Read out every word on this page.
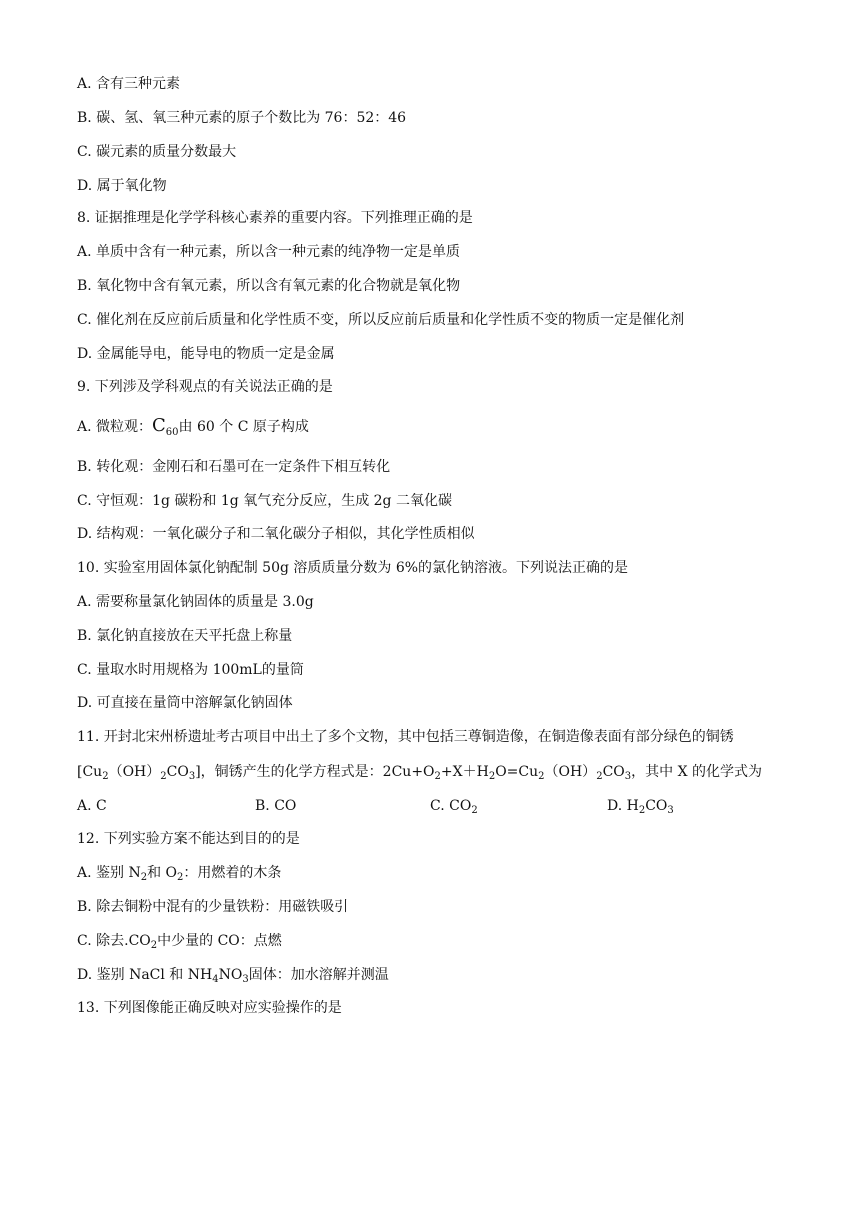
A. 含有三种元素
B. 碳、氢、氧三种元素的原子个数比为 76：52：46
C. 碳元素的质量分数最大
D. 属于氧化物
8. 证据推理是化学学科核心素养的重要内容。下列推理正确的是
A. 单质中含有一种元素，所以含一种元素的纯净物一定是单质
B. 氧化物中含有氧元素，所以含有氧元素的化合物就是氧化物
C. 催化剂在反应前后质量和化学性质不变，所以反应前后质量和化学性质不变的物质一定是催化剂
D. 金属能导电，能导电的物质一定是金属
9. 下列涉及学科观点的有关说法正确的是
A. 微粒观：$C_{60}$由 60 个 C 原子构成
B. 转化观：金刚石和石墨可在一定条件下相互转化
C. 守恒观：1g 碳粉和 1g 氧气充分反应，生成 2g 二氧化碳
D. 结构观：一氧化碳分子和二氧化碳分子相似，其化学性质相似
10. 实验室用固体氯化钠配制 50g 溶质质量分数为 6%的氯化钠溶液。下列说法正确的是
A. 需要称量氯化钠固体的质量是 3.0g
B. 氯化钠直接放在天平托盘上称量
C. 量取水时用规格为 100mL的量筒
D. 可直接在量筒中溶解氯化钠固体
11. 开封北宋州桥遗址考古项目中出土了多个文物，其中包括三尊铜造像，在铜造像表面有部分绿色的铜锈
$[Cu_2(OH)_2CO_3]$，铜锈产生的化学方程式是：$2Cu+O_2+X+H_2O=Cu_2(OH)_2CO_3$，其中 X 的化学式为
A. C	B. CO	C. $CO_2$	D. $H_2CO_3$
12. 下列实验方案不能达到目的的是
A. 鉴别 $N_2$和 $O_2$：用燃着的木条
B. 除去铜粉中混有的少量铁粉：用磁铁吸引
C. 除去$.CO_2$中少量的 CO：点燃
D. 鉴别 NaCl 和 $NH_4NO_3$固体：加水溶解并测温
13. 下列图像能正确反映对应实验操作的是
